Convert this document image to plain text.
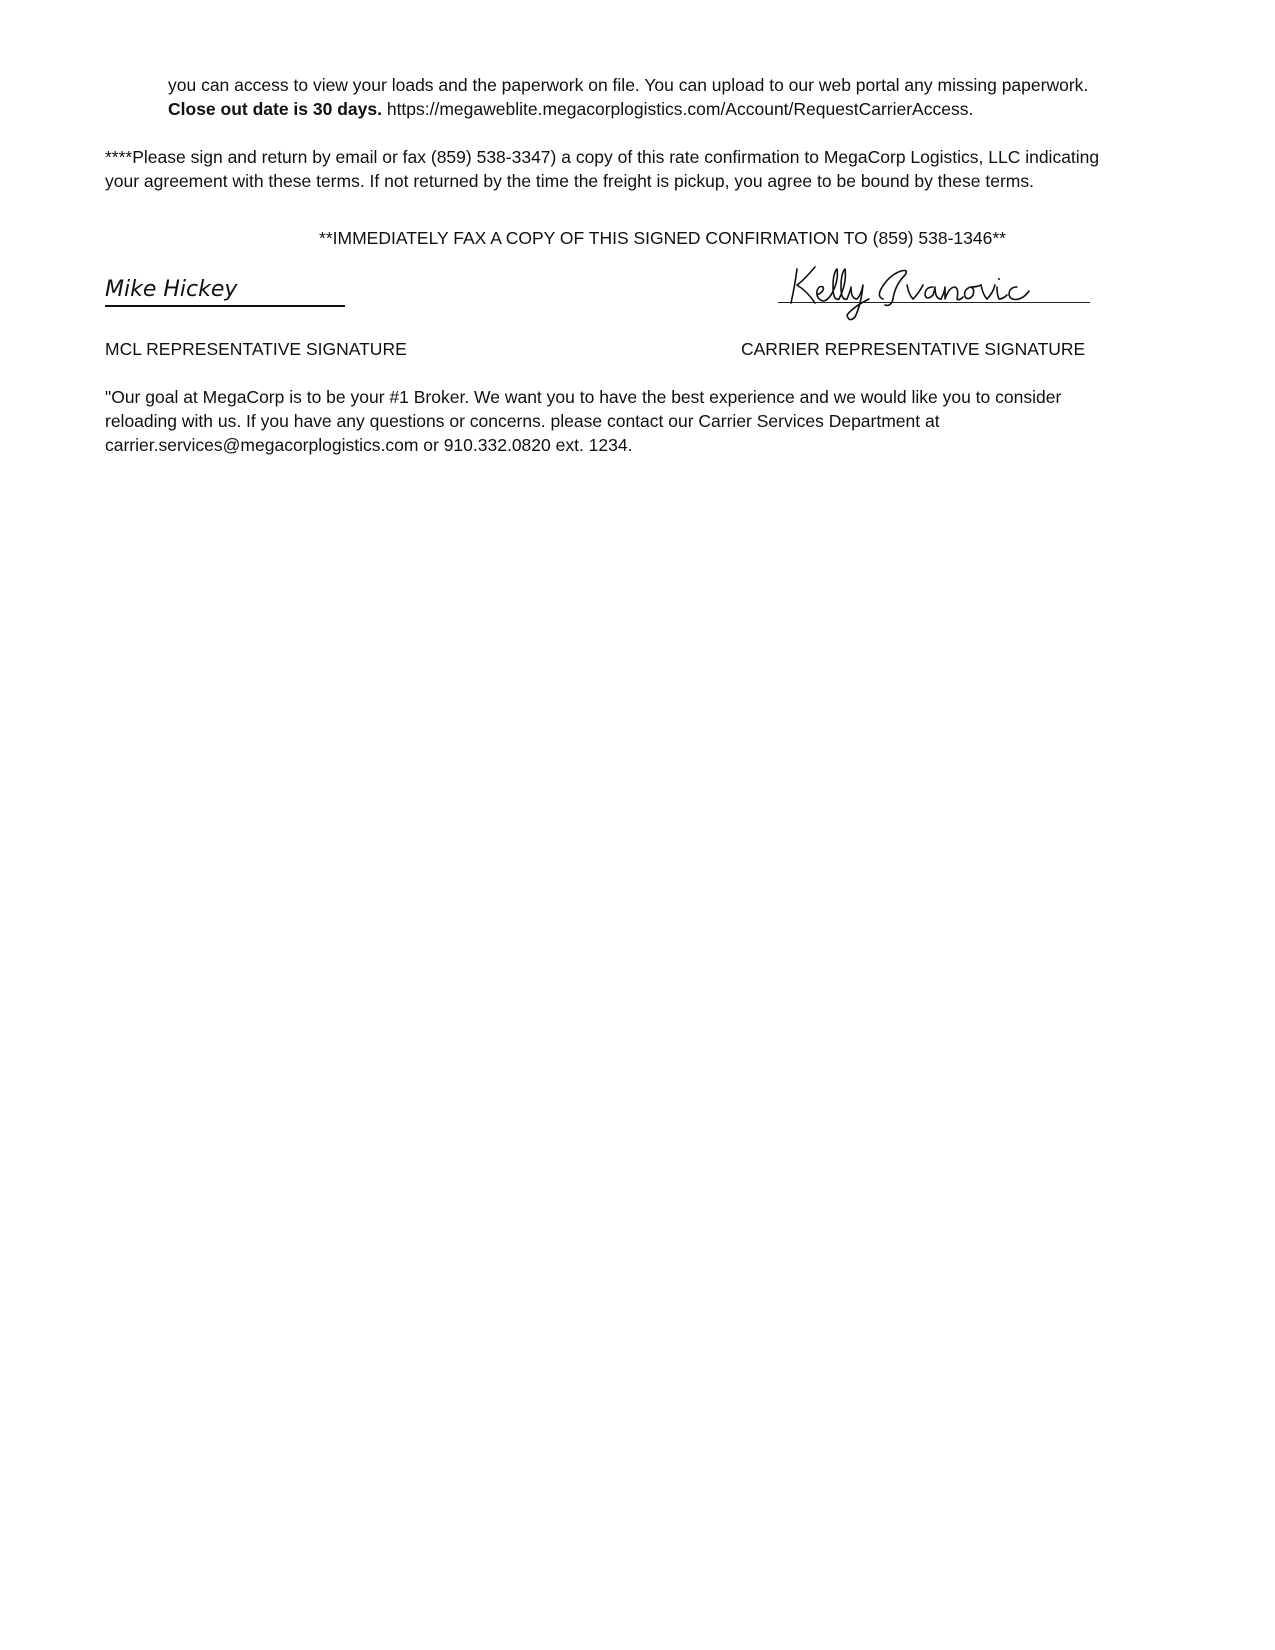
you can access to view your loads and the paperwork on file. You can upload to our web portal any missing paperwork.
Close out date is 30 days. https://megaweblite.megacorplogistics.com/Account/RequestCarrierAccess.
****Please sign and return by email or fax (859) 538-3347) a copy of this rate confirmation to MegaCorp Logistics, LLC indicating
your agreement with these terms. If not returned by the time the freight is pickup, you agree to be bound by these terms.
**IMMEDIATELY FAX A COPY OF THIS SIGNED CONFIRMATION TO (859) 538-1346**
Mike Hickey
MCL REPRESENTATIVE SIGNATURE	CARRIER REPRESENTATIVE SIGNATURE
"Our goal at MegaCorp is to be your #1 Broker. We want you to have the best experience and we would like you to consider
reloading with us. If you have any questions or concerns. please contact our Carrier Services Department at
carrier.services@megacorplogistics.com or 910.332.0820 ext. 1234.
